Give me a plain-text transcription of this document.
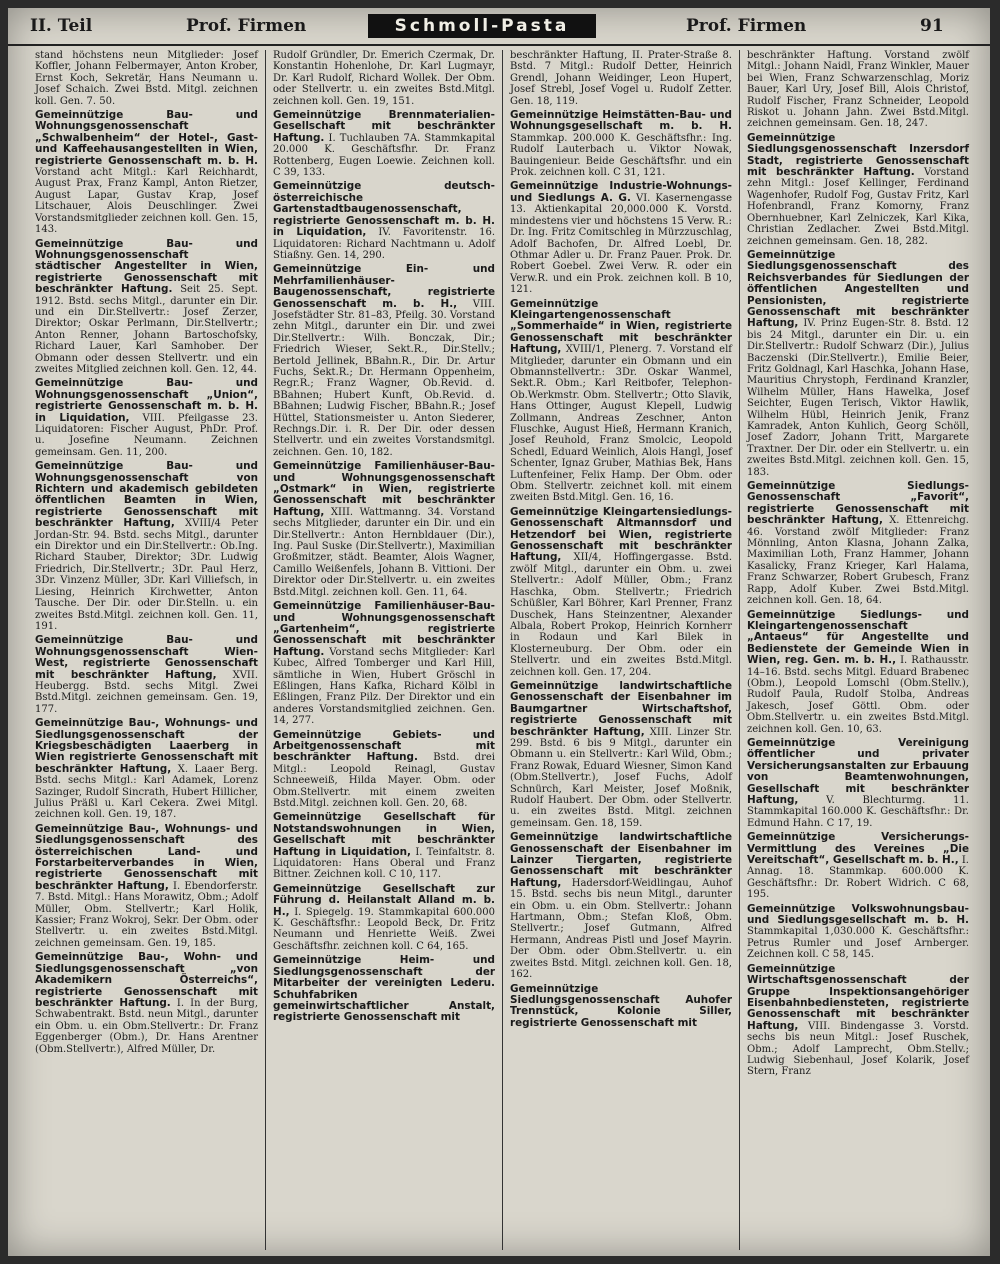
II. Teil	Prof. Firmen	Schmoll-Pasta	Prof. Firmen	91

stand höchstens neun Mitglieder: Josef Koffler, Johann Felbermayer, Anton Krober, Ernst Koch, Sekretär, Hans Neumann u. Josef Schaich. Zwei Bstd. Mitgl. zeichnen koll. Gen. 7. 50.

Gemeinnützige Bau- und Wohnungsgenossenschaft „Schwalbenheim“ der Hotel-, Gast- und Kaffeehausangestellten in Wien, registrierte Genossenschaft m. b. H. Vorstand acht Mitgl.: Karl Reichhardt, August Prax, Franz Kampl, Anton Rietzer, August Lapar, Gustav Krap, Josef Litschauer, Alois Deuschlinger. Zwei Vorstandsmitglieder zeichnen koll. Gen. 15, 143.

Gemeinnützige Bau- und Wohnungsgenossenschaft städtischer Angestellter in Wien, registrierte Genossenschaft mit beschränkter Haftung. Seit 25. Sept. 1912. Bstd. sechs Mitgl., darunter ein Dir. und ein Dir.Stellvertr.: Josef Zerzer, Direktor; Oskar Perlmann, Dir.Stellvertr.; Anton Renner, Johann Bartoschofsky, Richard Lauer, Karl Samhober. Der Obmann oder dessen Stellvertr. und ein zweites Mitglied zeichnen koll. Gen. 12, 44.

Gemeinnützige Bau- und Wohnungsgenossenschaft „Union“, registrierte Genossenschaft m. b. H. in Liquidation, VIII. Pfeilgasse 23. Liquidatoren: Fischer August, PhDr. Prof. u. Josefine Neumann. Zeichnen gemeinsam. Gen. 11, 200.

Gemeinnützige Bau- und Wohnungsgenossenschaft von Richtern und akademisch gebildeten öffentlichen Beamten in Wien, registrierte Genossenschaft mit beschränkter Haftung, XVIII/4 Peter Jordan-Str. 94. Bstd. sechs Mitgl., darunter ein Direktor und ein Dir.Stellvertr.: Ob.Ing. Richard Stauber, Direktor; 3Dr. Ludwig Friedrich, Dir.Stellvertr.; 3Dr. Paul Herz, 3Dr. Vinzenz Müller, 3Dr. Karl Villiefsch, in Liesing, Heinrich Kirchwetter, Anton Tausche. Der Dir. oder Dir.Stelln. u. ein zweites Bstd.Mitgl. zeichnen koll. Gen. 11, 191.

Gemeinnützige Bau- und Wohnungsgenossenschaft Wien-West, registrierte Genossenschaft mit beschränkter Haftung, XVII. Heubergg. Bstd. sechs Mitgl. Zwei Bstd.Mitgl. zeichnen gemeinsam. Gen. 19, 177.

Gemeinnützige Bau-, Wohnungs- und Siedlungsgenossenschaft der Kriegsbeschädigten Laaerberg in Wien registrierte Genossenschaft mit beschränkter Haftung, X. Laaer Berg. Bstd. sechs Mitgl.: Karl Adamek, Lorenz Sazinger, Rudolf Sincrath, Hubert Hillicher, Julius Präßl u. Karl Cekera. Zwei Mitgl. zeichnen koll. Gen. 19, 187.

Gemeinnützige Bau-, Wohnungs- und Siedlungsgenossenschaft des österreichischen Land- und Forstarbeiterverbandes in Wien, registrierte Genossenschaft mit beschränkter Haftung, I. Ebendorferstr. 7. Bstd. Mitgl.: Hans Morawitz, Obm.; Adolf Müller, Obm. Stellvertr.; Karl Holik, Kassier; Franz Wokroj, Sekr. Der Obm. oder Stellvertr. u. ein zweites Bstd.Mitgl. zeichnen gemeinsam. Gen. 19, 185.

Gemeinnützige Bau-, Wohn- und Siedlungsgenossenschaft „von Akademikern Österreichs“, registrierte Genossenschaft mit beschränkter Haftung. I. In der Burg, Schwabentrakt. Bstd. neun Mitgl., darunter ein Obm. u. ein Obm.Stellvertr.: Dr. Franz Eggenberger (Obm.), Dr. Hans Arentner (Obm.Stellvertr.), Alfred Müller, Dr.

Rudolf Gründler, Dr. Emerich Czermak, Dr. Konstantin Hohenlohe, Dr. Karl Lugmayr, Dr. Karl Rudolf, Richard Wollek. Der Obm. oder Stellvertr. u. ein zweites Bstd.Mitgl. zeichnen koll. Gen. 19, 151.

Gemeinnützige Brennmaterialien-Gesellschaft mit beschränkter Haftung. I. Tuchlauben 7A. Stammkapital 20.000 K. Geschäftsfhr. Dr. Franz Rottenberg, Eugen Loewie. Zeichnen koll. C 39, 133.

Gemeinnützige deutsch-österreichische Gartenstadtbaugenossenschaft, registrierte Genossenschaft m. b. H. in Liquidation, IV. Favoritenstr. 16. Liquidatoren: Richard Nachtmann u. Adolf Stiaßny. Gen. 14, 290.

Gemeinnützige Ein- und Mehrfamilienhäuser-Baugenossenschaft, registrierte Genossenschaft m. b. H., VIII. Josefstädter Str. 81–83, Pfeilg. 30. Vorstand zehn Mitgl., darunter ein Dir. und zwei Dir.Stellvertr.: Wilh. Bonczak, Dir.; Friedrich Wieser, Sekt.R., Dir.Stellv.; Bertold Jellinek, BBahn.R., Dir. Dr. Artur Fuchs, Sekt.R.; Dr. Hermann Oppenheim, Regr.R.; Franz Wagner, Ob.Revid. d. BBahnen; Hubert Kunft, Ob.Revid. d. BBahnen; Ludwig Fischer, BBahn.R.; Josef Hüttel, Stationsmeister u. Anton Siederer, Rechngs.Dir. i. R. Der Dir. oder dessen Stellvertr. und ein zweites Vorstandsmitgl. zeichnen. Gen. 10, 182.

Gemeinnützige Familienhäuser-Bau- und Wohnungsgenossenschaft „Ostmark“ in Wien, registrierte Genossenschaft mit beschränkter Haftung, XIII. Wattmanng. 34. Vorstand sechs Mitglieder, darunter ein Dir. und ein Dir.Stellvertr.: Anton Hernbldauer (Dir.), Ing. Paul Suske (Dir.Stellvertr.), Maximilian Großmitzer, städt. Beamter, Alois Wagner, Camillo Weißenfels, Johann B. Vittioni. Der Direktor oder Dir.Stellvertr. u. ein zweites Bstd.Mitgl. zeichnen koll. Gen. 11, 64.

Gemeinnützige Familienhäuser-Bau- und Wohnungsgenossenschaft „Gartenheim“, registrierte Genossenschaft mit beschränkter Haftung. Vorstand sechs Mitglieder: Karl Kubec, Alfred Tomberger und Karl Hill, sämtliche in Wien, Hubert Gröschl in Eßlingen, Hans Kafka, Richard Kölbl in Eßlingen, Franz Pilz. Der Direktor und ein anderes Vorstandsmitglied zeichnen. Gen. 14, 277.

Gemeinnützige Gebiets- und Arbeitgenossenschaft mit beschränkter Haftung. Bstd. drei Mitgl.: Leopold Reinagl, Gustav Schneeweiß, Hilda Mayer. Obm. oder Obm.Stellvertr. mit einem zweiten Bstd.Mitgl. zeichnen koll. Gen. 20, 68.

Gemeinnützige Gesellschaft für Notstandswohnungen in Wien, Gesellschaft mit beschränkter Haftung in Liquidation, I. Teinfaltstr. 8. Liquidatoren: Hans Oberal und Franz Bittner. Zeichnen koll. C 10, 117.

Gemeinnützige Gesellschaft zur Führung d. Heilanstalt Alland m. b. H., I. Spiegelg. 19. Stammkapital 600.000 K. Geschäftsfhr.: Leopold Beck, Dr. Fritz Neumann und Henriette Weiß. Zwei Geschäftsfhr. zeichnen koll. C 64, 165.

Gemeinnützige Heim- und Siedlungsgenossenschaft der Mitarbeiter der vereinigten Lederu. Schuhfabriken gemeinwirtschaftlicher Anstalt, registrierte Genossenschaft mit

beschränkter Haftung, II. Prater-Straße 8. Bstd. 7 Mitgl.: Rudolf Detter, Heinrich Grendl, Johann Weidinger, Leon Hupert, Josef Strebl, Josef Vogel u. Rudolf Zetter. Gen. 18, 119.

Gemeinnützige Heimstätten-Bau- und Wohnungsgesellschaft m. b. H. Stammkap. 200.000 K. Geschäftsfhr.: Ing. Rudolf Lauterbach u. Viktor Nowak, Bauingenieur. Beide Geschäftsfhr. und ein Prok. zeichnen koll. C 31, 121.

Gemeinnützige Industrie-Wohnungs- und Siedlungs A. G. VI. Kasernengasse 13. Aktienkapital 20,000.000 K. Vorstd. mindestens vier und höchstens 15 Verw. R.: Dr. Ing. Fritz Comitschleg in Mürzzuschlag, Adolf Bachofen, Dr. Alfred Loebl, Dr. Othmar Adler u. Dr. Franz Pauer. Prok. Dr. Robert Goebel. Zwei Verw. R. oder ein Verw.R. und ein Prok. zeichnen koll. B 10, 121.

Gemeinnützige Kleingartengenossenschaft „Sommerhaide“ in Wien, registrierte Genossenschaft mit beschränkter Haftung, XVIII/1, Plenerg. 7. Vorstand elf Mitglieder, darunter ein Obmann und ein Obmannstellvertr.: 3Dr. Oskar Wanmel, Sekt.R. Obm.; Karl Reitbofer, Telephon-Ob.Werkmstr. Obm. Stellvertr.; Otto Slavik, Hans Ottinger, August Klepell, Ludwig Zollmann, Andreas Zeschner, Anton Fluschke, August Hieß, Hermann Kranich, Josef Reuhold, Franz Smolcic, Leopold Schedl, Eduard Weinlich, Alois Hangl, Josef Schenter, Ignaz Gruber, Mathias Bek, Hans Luftenfeiner, Felix Hamp. Der Obm. oder Obm. Stellvertr. zeichnet koll. mit einem zweiten Bstd.Mitgl. Gen. 16, 16.

Gemeinnützige Kleingartensiedlungs-Genossenschaft Altmannsdorf und Hetzendorf bei Wien, registrierte Genossenschaft mit beschränkter Haftung, XII/4, Hoffingergasse. Bstd. zwölf Mitgl., darunter ein Obm. u. zwei Stellvertr.: Adolf Müller, Obm.; Franz Haschka, Obm. Stellvertr.; Friedrich Schüßler, Karl Böhrer, Karl Prenner, Franz Duschek, Hans Steinzentner, Alexander Albala, Robert Prokop, Heinrich Kornherr in Rodaun und Karl Bilek in Klosterneuburg. Der Obm. oder ein Stellvertr. und ein zweites Bstd.Mitgl. zeichnen koll. Gen. 17, 204.

Gemeinnützige landwirtschaftliche Genossenschaft der Eisenbahner im Baumgartner Wirtschaftshof, registrierte Genossenschaft mit beschränkter Haftung, XIII. Linzer Str. 299. Bstd. 6 bis 9 Mitgl., darunter ein Obmann u. ein Stellvertr.: Karl Wild, Obm.; Franz Rowak, Eduard Wiesner, Simon Kand (Obm.Stellvertr.), Josef Fuchs, Adolf Schnürch, Karl Meister, Josef Moßnik, Rudolf Haubert. Der Obm. oder Stellvertr. u. ein zweites Bstd. Mitgl. zeichnen gemeinsam. Gen. 18, 159.

Gemeinnützige landwirtschaftliche Genossenschaft der Eisenbahner im Lainzer Tiergarten, registrierte Genossenschaft mit beschränkter Haftung, Hadersdorf-Weidlingau, Auhof 15. Bstd. sechs bis neun Mitgl., darunter ein Obm. u. ein Obm. Stellvertr.: Johann Hartmann, Obm.; Stefan Kloß, Obm. Stellvertr.; Josef Gutmann, Alfred Hermann, Andreas Pistl und Josef Mayrin. Der Obm. oder Obm.Stellvertr. u. ein zweites Bstd. Mitgl. zeichnen koll. Gen. 18, 162.

Gemeinnützige Siedlungsgenossenschaft Auhofer Trennstück, Kolonie Siller, registrierte Genossenschaft mit

beschränkter Haftung. Vorstand zwölf Mitgl.: Johann Naidl, Franz Winkler, Mauer bei Wien, Franz Schwarzenschlag, Moriz Bauer, Karl Ury, Josef Bill, Alois Christof, Rudolf Fischer, Franz Schneider, Leopold Riskot u. Johann Jahn. Zwei Bstd.Mitgl. zeichnen gemeinsam. Gen. 18, 247.

Gemeinnützige Siedlungsgenossenschaft Inzersdorf Stadt, registrierte Genossenschaft mit beschränkter Haftung. Vorstand zehn Mitgl.: Josef Kellinger, Ferdinand Wagenhofer, Rudolf Fog, Gustav Fritz, Karl Hofenbrandl, Franz Komorny, Franz Obernhuebner, Karl Zelniczek, Karl Kika, Christian Zedlacher. Zwei Bstd.Mitgl. zeichnen gemeinsam. Gen. 18, 282.

Gemeinnützige Siedlungsgenossenschaft des Reichsverbandes für Siedlungen der öffentlichen Angestellten und Pensionisten, registrierte Genossenschaft mit beschränkter Haftung, IV. Prinz Eugen-Str. 8. Bstd. 12 bis 24 Mitgl., darunter ein Dir. u. ein Dir.Stellvertr.: Rudolf Schwarz (Dir.), Julius Baczenski (Dir.Stellvertr.), Emilie Beier, Fritz Goldnagl, Karl Haschka, Johann Hase, Mauritius Chrystoph, Ferdinand Kranzler, Wilhelm Müller, Hans Hawelka, Josef Seichter, Eugen Terisch, Viktor Hawlik, Wilhelm Hübl, Heinrich Jenik, Franz Kamradek, Anton Kuhlich, Georg Schöll, Josef Zadorr, Johann Tritt, Margarete Traxtner. Der Dir. oder ein Stellvertr. u. ein zweites Bstd.Mitgl. zeichnen koll. Gen. 15, 183.

Gemeinnützige Siedlungs-Genossenschaft „Favorit“, registrierte Genossenschaft mit beschränkter Haftung, X. Ettenreichg. 46. Vorstand zwölf Mitglieder: Franz Mönnling, Anton Klasna, Johann Zalka, Maximilian Loth, Franz Hammer, Johann Kasalicky, Franz Krieger, Karl Halama, Franz Schwarzer, Robert Grubesch, Franz Rapp, Adolf Kuber. Zwei Bstd.Mitgl. zeichnen koll. Gen. 18, 64.

Gemeinnützige Siedlungs- und Kleingartengenossenschaft „Antaeus“ für Angestellte und Bedienstete der Gemeinde Wien in Wien, reg. Gen. m. b. H., I. Rathausstr. 14–16. Bstd. sechs Mitgl. Eduard Brabenec (Obm.), Leopold Lomschl (Obm.Stellv.), Rudolf Paula, Rudolf Stolba, Andreas Jakesch, Josef Göttl. Obm. oder Obm.Stellvertr. u. ein zweites Bstd.Mitgl. zeichnen koll. Gen. 10, 63.

Gemeinnützige Vereinigung öffentlicher und privater Versicherungsanstalten zur Erbauung von Beamtenwohnungen, Gesellschaft mit beschränkter Haftung,	V. Blechturmg. 11. Stammkapital 160.000 K. Geschäftsfhr.: Dr. Edmund Hahn. C 17, 19.

Gemeinnützige Versicherungs-Vermittlung des Vereines „Die Vereitschaft“, Gesellschaft m. b. H., I. Annag. 18. Stammkap. 600.000 K. Geschäftsfhr.: Dr. Robert Widrich. C 68, 195.

Gemeinnützige Volkswohnungsbau- und Siedlungsgesellschaft m. b. H. Stammkapital 1,030.000 K. Geschäftsfhr.: Petrus Rumler und Josef Arnberger. Zeichnen koll. C 58, 145.

Gemeinnützige Wirtschaftsgenossenschaft der Gruppe Inspektionsangehöriger Eisenbahnbediensteten, registrierte Genossenschaft mit beschränkter Haftung, VIII. Bindengasse 3. Vorstd. sechs bis neun Mitgl.: Josef Ruschek, Obm.; Adolf Lamprecht, Obm.Stellv.; Ludwig Siebenhaul, Josef Kolarik, Josef Stern, Franz
